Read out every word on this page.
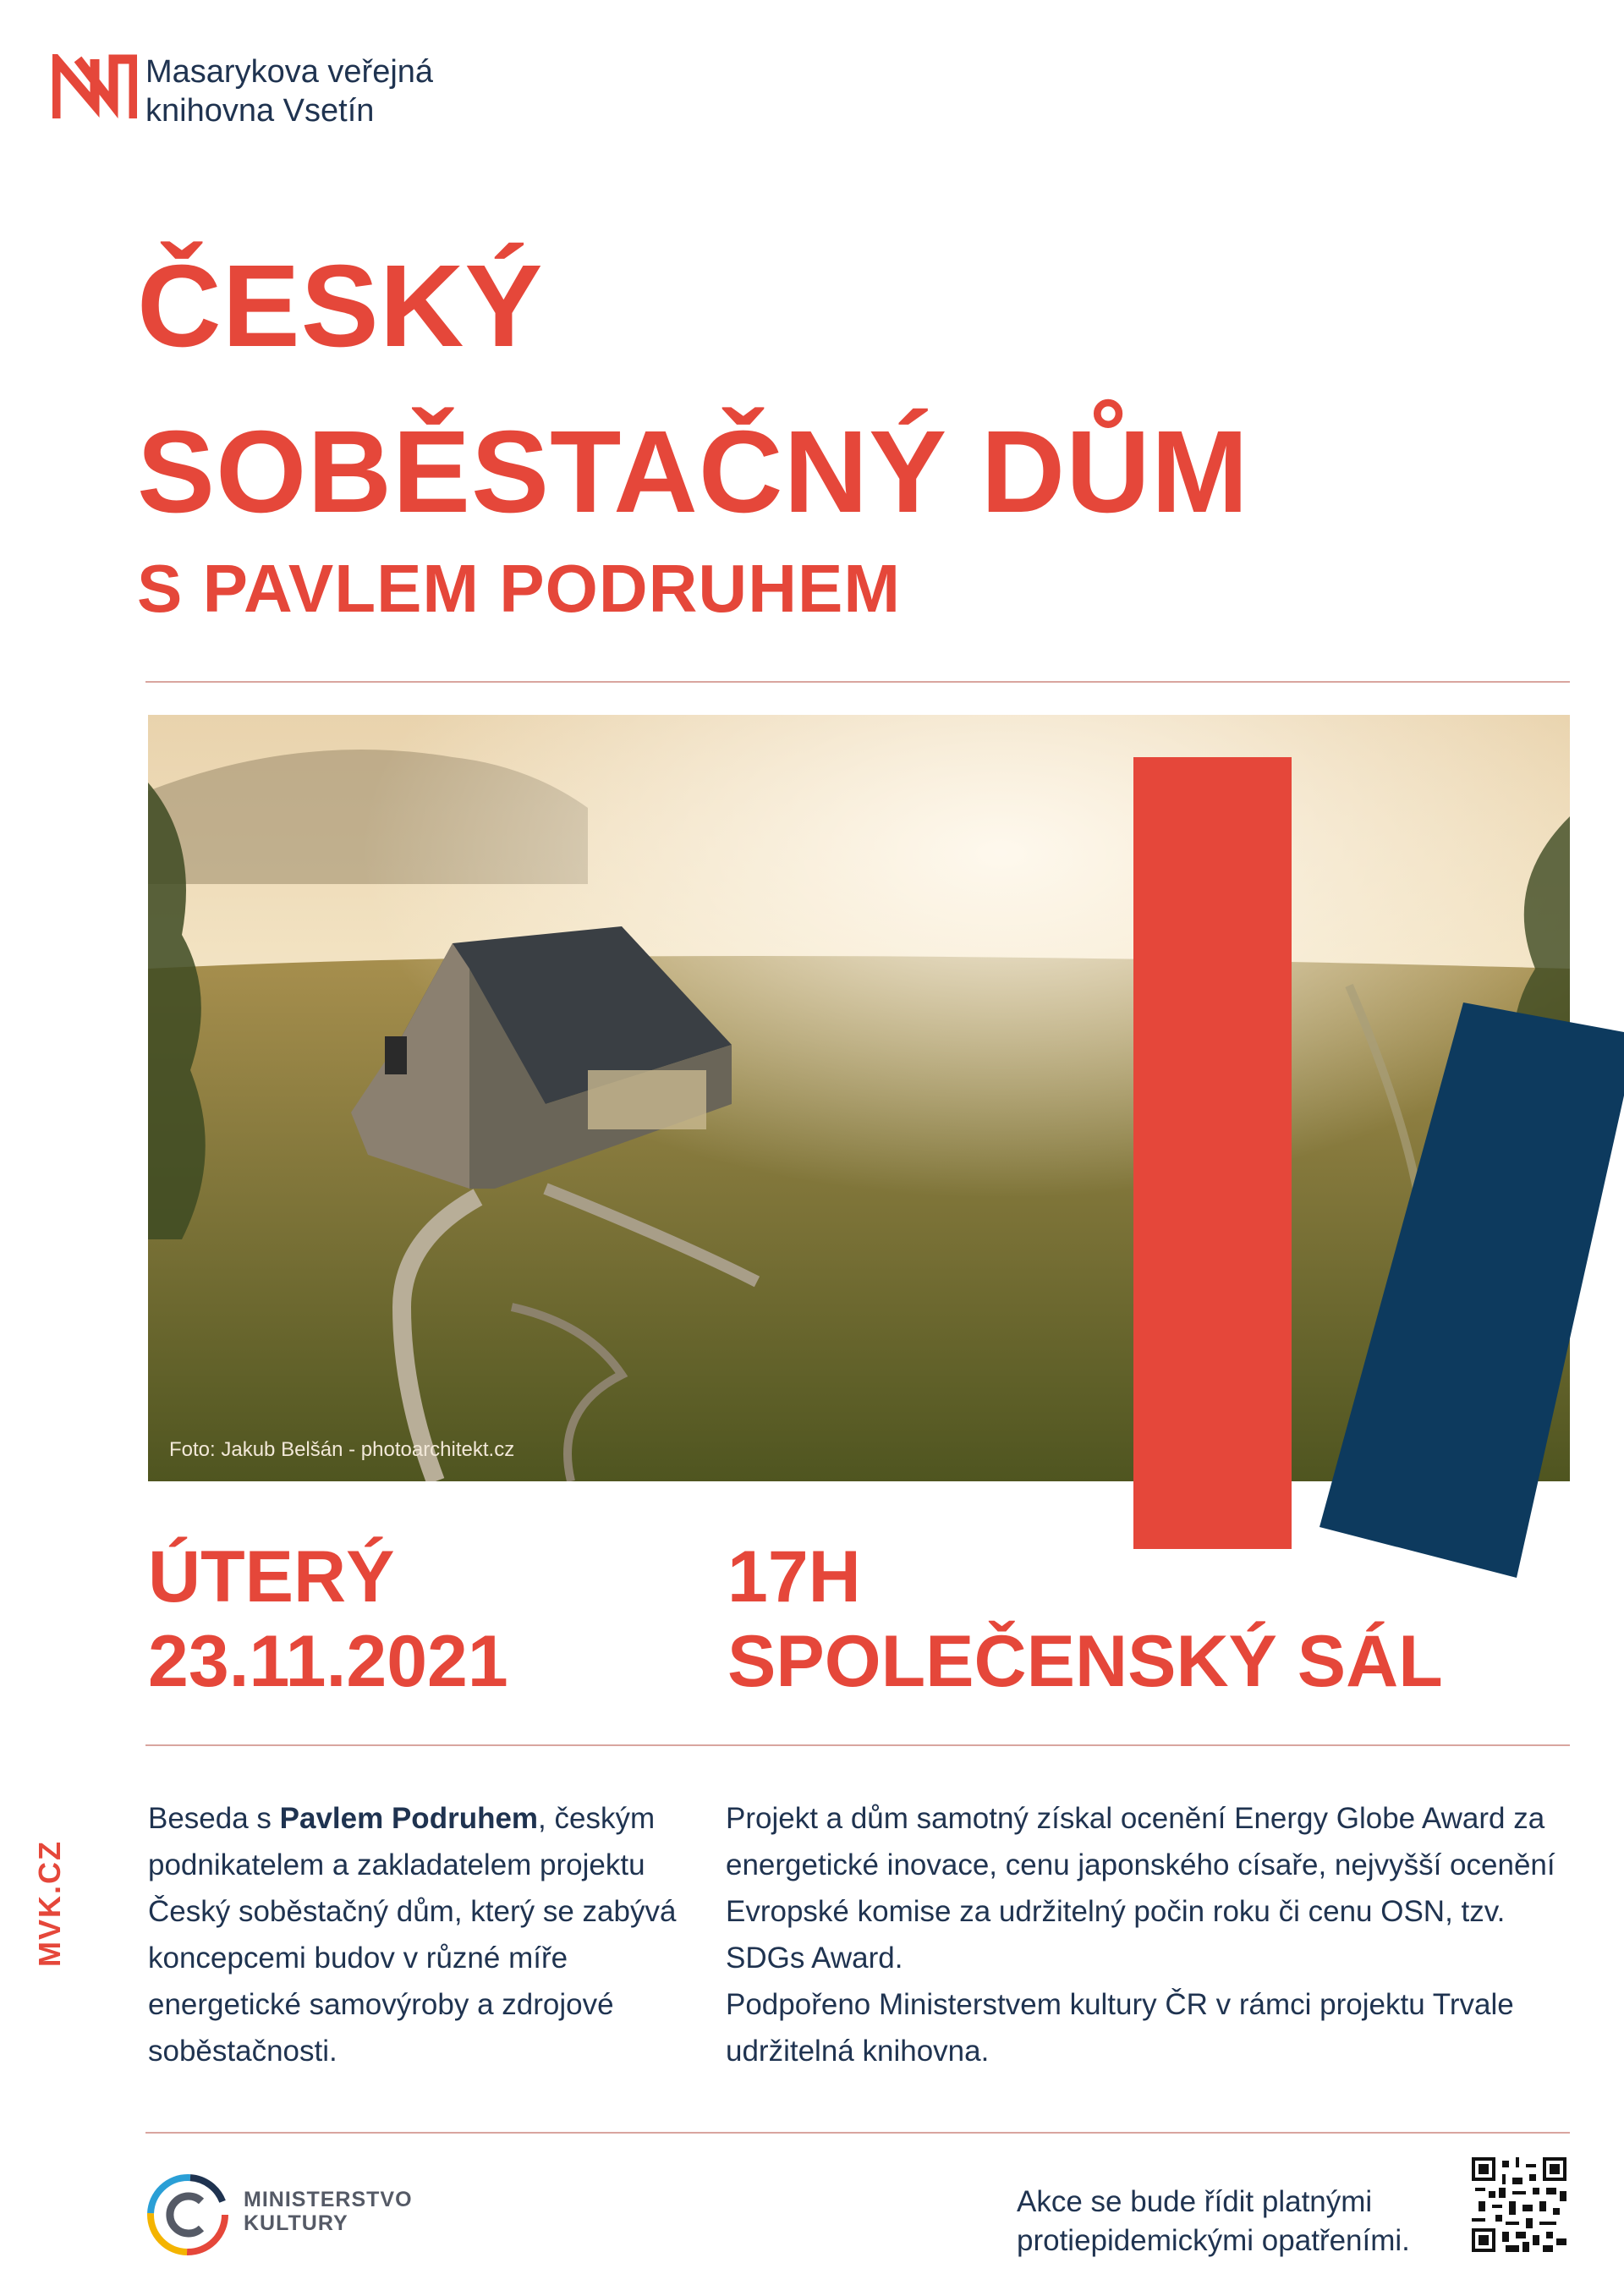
Masarykova veřejná
knihovna Vsetín
ČESKÝ
SOBĚSTAČNÝ DŮM
S PAVLEM PODRUHEM
Foto: Jakub Belšán - photoarchitekt.cz
ÚTERÝ
23.11.2021
17H
SPOLEČENSKÝ SÁL
Beseda s Pavlem Podruhem, českým podnikatelem a zakladatelem projektu Český soběstačný dům, který se zabývá koncepcemi budov v různé míře energetické samovýroby a zdrojové soběstačnosti.
Projekt a dům samotný získal ocenění Energy Globe Award za energetické inovace, cenu japonského císaře, nejvyšší ocenění Evropské komise za udržitelný počin roku či cenu OSN, tzv. SDGs Award.
Podpořeno Ministerstvem kultury ČR v rámci projektu Trvale udržitelná knihovna.
MVK.CZ
MINISTERSTVO
KULTURY
Akce se bude řídit platnými
protiepidemickými opatřeními.
